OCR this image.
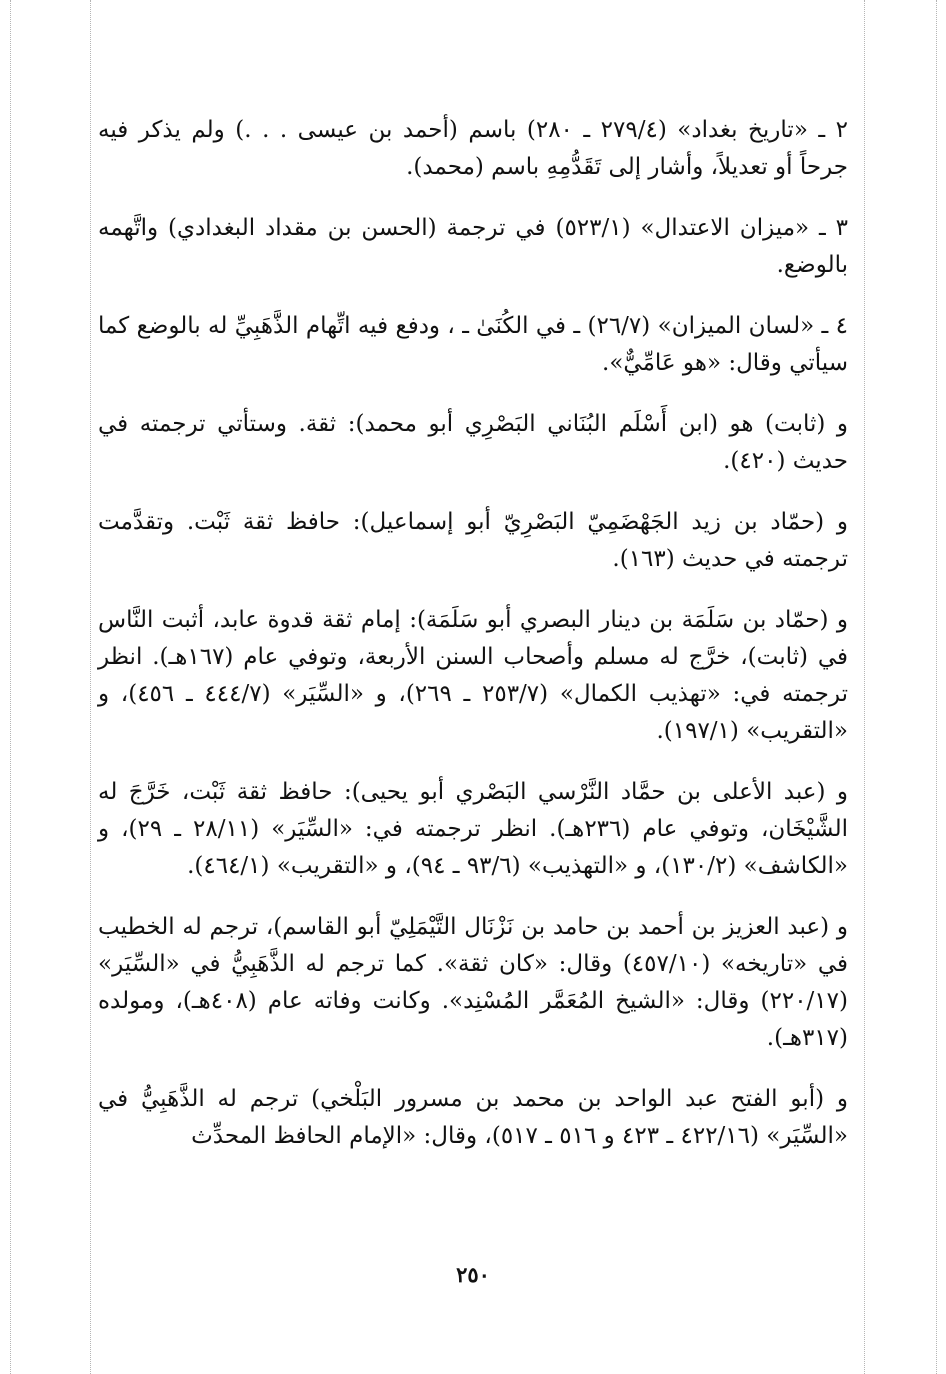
٢ ـ «تاريخ بغداد» (٢٧٩/٤ ـ ٢٨٠) باسم (أحمد بن عيسى . . .) ولم يذكر فيه جرحاً أو تعديلاً، وأشار إلى تَقَدُّمِهِ باسم (محمد).

٣ ـ «ميزان الاعتدال» (٥٢٣/١) في ترجمة (الحسن بن مقداد البغدادي) واتَّهمه بالوضع.

٤ ـ «لسان الميزان» (٢٦/٧) ـ في الكُنَىٰ ـ ، ودفع فيه اتِّهام الذَّهَبِيِّ له بالوضع كما سيأتي وقال: «هو عَامِّيٌّ».

و (ثابت) هو (ابن أَسْلَم البُنَاني البَصْرِي أبو محمد): ثقة. وستأتي ترجمته في حديث (٤٢٠).

و (حمّاد بن زيد الجَهْضَمِيّ البَصْرِيّ أبو إسماعيل): حافظ ثقة ثَبْت. وتقدَّمت ترجمته في حديث (١٦٣).

و (حمّاد بن سَلَمَة بن دينار البصري أبو سَلَمَة): إمام ثقة قدوة عابد، أثبت النَّاس في (ثابت)، خرَّج له مسلم وأصحاب السنن الأربعة، وتوفي عام (١٦٧هـ). انظر ترجمته في: «تهذيب الكمال» (٢٥٣/٧ ـ ٢٦٩)، و «السِّيَر» (٤٤٤/٧ ـ ٤٥٦)، و «التقريب» (١٩٧/١).

و (عبد الأعلى بن حمَّاد النَّرْسي البَصْري أبو يحيى): حافظ ثقة ثَبْت، خَرَّجَ له الشَّيْخَان، وتوفي عام (٢٣٦هـ). انظر ترجمته في: «السِّيَر» (٢٨/١١ ـ ٢٩)، و «الكاشف» (١٣٠/٢)، و «التهذيب» (٩٣/٦ ـ ٩٤)، و «التقريب» (٤٦٤/١).

و (عبد العزيز بن أحمد بن حامد بن نَزْنَال التَّيْمَلِيّ أبو القاسم)، ترجم له الخطيب في «تاريخه» (٤٥٧/١٠) وقال: «كان ثقة». كما ترجم له الذَّهَبِيُّ في «السِّيَر» (٢٢٠/١٧) وقال: «الشيخ المُعَمَّر المُسْنِد». وكانت وفاته عام (٤٠٨هـ)، ومولده (٣١٧هـ).

و (أبو الفتح عبد الواحد بن محمد بن مسرور البَلْخي) ترجم له الذَّهَبِيُّ في «السِّيَر» (٤٢٢/١٦ ـ ٤٢٣ و ٥١٦ ـ ٥١٧)، وقال: «الإمام الحافظ المحدِّث

٢٥٠
